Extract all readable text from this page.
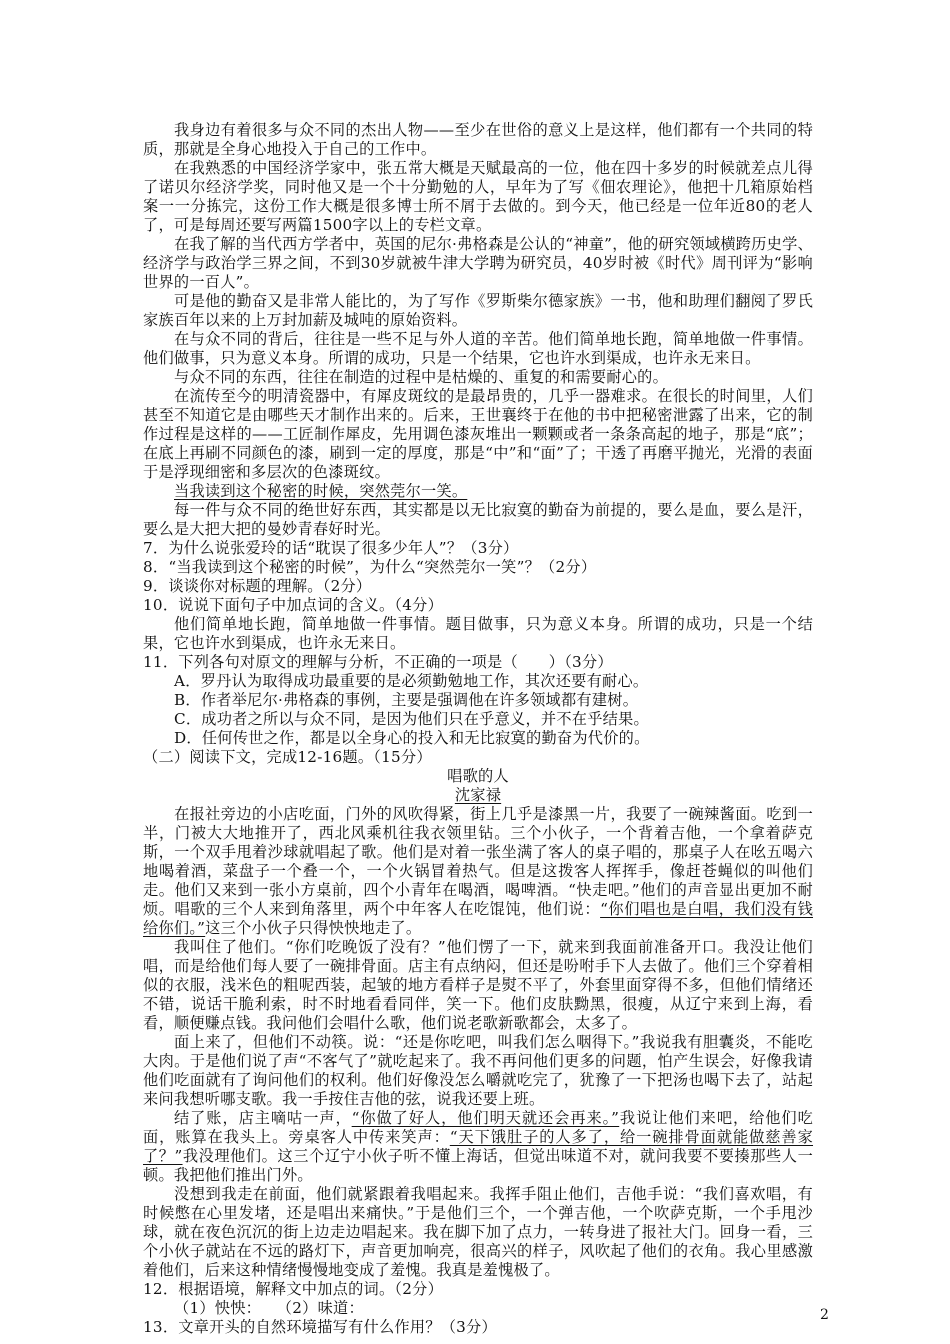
我身边有着很多与众不同的杰出人物——至少在世俗的意义上是这样，他们都有一个共同的特质，那就是全身心地投入于自己的工作中。

在我熟悉的中国经济学家中，张五常大概是天赋最高的一位，他在四十多岁的时候就差点儿得了诺贝尔经济学奖，同时他又是一个十分勤勉的人，早年为了写《佃农理论》，他把十几箱原始档案一一分拣完，这份工作大概是很多博士所不屑于去做的。到今天，他已经是一位年近80的老人了，可是每周还要写两篇1500字以上的专栏文章。

在我了解的当代西方学者中，英国的尼尔·弗格森是公认的“神童”，他的研究领域横跨历史学、经济学与政治学三界之间，不到30岁就被牛津大学聘为研究员，40岁时被《时代》周刊评为“影响世界的一百人”。

可是他的勤奋又是非常人能比的，为了写作《罗斯柴尔德家族》一书，他和助理们翻阅了罗氏家族百年以来的上万封加薪及城吨的原始资料。

在与众不同的背后，往往是一些不足与外人道的辛苦。他们简单地长跑，简单地做一件事情。他们做事，只为意义本身。所谓的成功，只是一个结果，它也许水到渠成，也许永无来日。

与众不同的东西，往往在制造的过程中是枯燥的、重复的和需要耐心的。

在流传至今的明清瓷器中，有犀皮斑纹的是最昂贵的，几乎一器难求。在很长的时间里，人们甚至不知道它是由哪些天才制作出来的。后来，王世襄终于在他的书中把秘密泄露了出来，它的制作过程是这样的——工匠制作犀皮，先用调色漆灰堆出一颗颗或者一条条高起的地子，那是“底”；在底上再刷不同颜色的漆，刷到一定的厚度，那是“中”和“面”了；干透了再磨平抛光，光滑的表面于是浮现细密和多层次的色漆斑纹。

当我读到这个秘密的时候，突然莞尔一笑。

每一件与众不同的绝世好东西，其实都是以无比寂寞的勤奋为前提的，要么是血，要么是汗，要么是大把大把的曼妙青春好时光。

7．为什么说张爱玲的话“耽误了很多少年人”？（3分）

8．“当我读到这个秘密的时候”，为什么“突然莞尔一笑”？（2分）

9．谈谈你对标题的理解。（2分）

10．说说下面句子中加点词的含义。（4分）

他们简单地长跑，简单地做一件事情。题目做事，只为意义本身。所谓的成功，只是一个结果，它也许水到渠成，也许永无来日。

11．下列各句对原文的理解与分析，不正确的一项是（　　）（3分）

A．罗丹认为取得成功最重要的是必须勤勉地工作，其次还要有耐心。

B．作者举尼尔·弗格森的事例，主要是强调他在许多领域都有建树。

C．成功者之所以与众不同，是因为他们只在乎意义，并不在乎结果。

D．任何传世之作，都是以全身心的投入和无比寂寞的勤奋为代价的。

（二）阅读下文，完成12-16题。（15分）

唱歌的人

沈家禄

在报社旁边的小店吃面，门外的风吹得紧，街上几乎是漆黑一片，我要了一碗辣酱面。吃到一半，门被大大地推开了，西北风乘机往我衣领里钻。三个小伙子，一个背着吉他，一个拿着萨克斯，一个双手甩着沙球就唱起了歌。他们是对着一张坐满了客人的桌子唱的，那桌子人在吆五喝六地喝着酒，菜盘子一个叠一个，一个火锅冒着热气。但是这拨客人挥挥手，像赶苍蝇似的叫他们走。他们又来到一张小方桌前，四个小青年在喝酒，喝啤酒。“快走吧。”他们的声音显出更加不耐烦。唱歌的三个人来到角落里，两个中年客人在吃馄饨，他们说：“你们唱也是白唱，我们没有钱给你们。”这三个小伙子只得怏怏地走了。

我叫住了他们。“你们吃晚饭了没有？”他们愣了一下，就来到我面前准备开口。我没让他们唱，而是给他们每人要了一碗排骨面。店主有点纳闷，但还是吩咐手下人去做了。他们三个穿着相似的衣服，浅米色的粗呢西装，起皱的地方看样子是熨不平了，外套里面穿得不多，但他们情绪还不错，说话干脆利索，时不时地看看同伴，笑一下。他们皮肤黝黑，很瘦，从辽宁来到上海，看看，顺便赚点钱。我问他们会唱什么歌，他们说老歌新歌都会，太多了。

面上来了，但他们不动筷。说：“还是你吃吧，叫我们怎么咽得下。”我说我有胆囊炎，不能吃大肉。于是他们说了声“不客气了”就吃起来了。我不再问他们更多的问题，怕产生误会，好像我请他们吃面就有了询问他们的权利。他们好像没怎么嚼就吃完了，犹豫了一下把汤也喝下去了，站起来问我想听哪支歌。我一手按住吉他的弦，说我还要上班。

结了账，店主嘀咕一声，“你做了好人，他们明天就还会再来。”我说让他们来吧，给他们吃面，账算在我头上。旁桌客人中传来笑声：“天下饿肚子的人多了，给一碗排骨面就能做慈善家了？”我没理他们。这三个辽宁小伙子听不懂上海话，但觉出味道不对，就问我要不要揍那些人一顿。我把他们推出门外。

没想到我走在前面，他们就紧跟着我唱起来。我挥手阻止他们，吉他手说：“我们喜欢唱，有时候憋在心里发堵，还是唱出来痛快。”于是他们三个，一个弹吉他，一个吹萨克斯，一个手甩沙球，就在夜色沉沉的街上边走边唱起来。我在脚下加了点力，一转身进了报社大门。回身一看，三个小伙子就站在不远的路灯下，声音更加响亮，很高兴的样子，风吹起了他们的衣角。我心里感激着他们，后来这种情绪慢慢地变成了羞愧。我真是羞愧极了。

12．根据语境，解释文中加点的词。（2分）

（1）怏怏：　　（2）味道：

13．文章开头的自然环境描写有什么作用？（3分）

2
